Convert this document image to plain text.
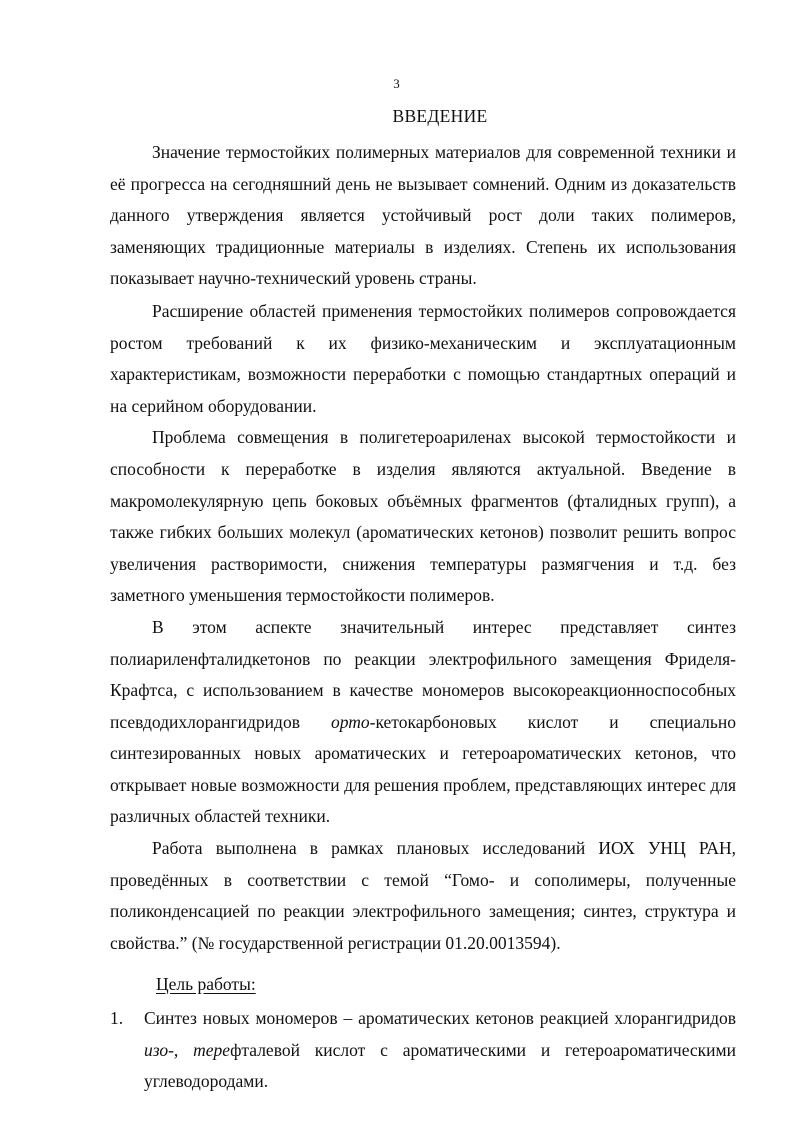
3
ВВЕДЕНИЕ

Значение термостойких полимерных материалов для современной техники и её прогресса на сегодняшний день не вызывает сомнений. Одним из доказательств данного утверждения является устойчивый рост доли таких полимеров, заменяющих традиционные материалы в изделиях. Степень их использования показывает научно-технический уровень страны.

Расширение областей применения термостойких полимеров сопровождается ростом требований к их физико-механическим и эксплуатационным характеристикам, возможности переработки с помощью стандартных операций и на серийном оборудовании.

Проблема совмещения в полигетероариленах высокой термостойкости и способности к переработке в изделия являются актуальной. Введение в макромолекулярную цепь боковых объёмных фрагментов (фталидных групп), а также гибких больших молекул (ароматических кетонов) позволит решить вопрос увеличения растворимости, снижения температуры размягчения и т.д. без заметного уменьшения термостойкости полимеров.

В этом аспекте значительный интерес представляет синтез полиариленфталидкетонов по реакции электрофильного замещения Фриделя-Крафтса, с использованием в качестве мономеров высокореакционноспособных псевдодихлорангидридов орто-кетокарбоновых кислот и специально синтезированных новых ароматических и гетероароматических кетонов, что открывает новые возможности для решения проблем, представляющих интерес для различных областей техники.

Работа выполнена в рамках плановых исследований ИОХ УНЦ РАН, проведённых в соответствии с темой “Гомо- и сополимеры, полученные поликонденсацией по реакции электрофильного замещения; синтез, структура и свойства.” (№ государственной регистрации 01.20.0013594).

Цель работы:
1. Синтез новых мономеров – ароматических кетонов реакцией хлорангидридов изо-, терефталевой кислот с ароматическими и гетероароматическими углеводородами.
